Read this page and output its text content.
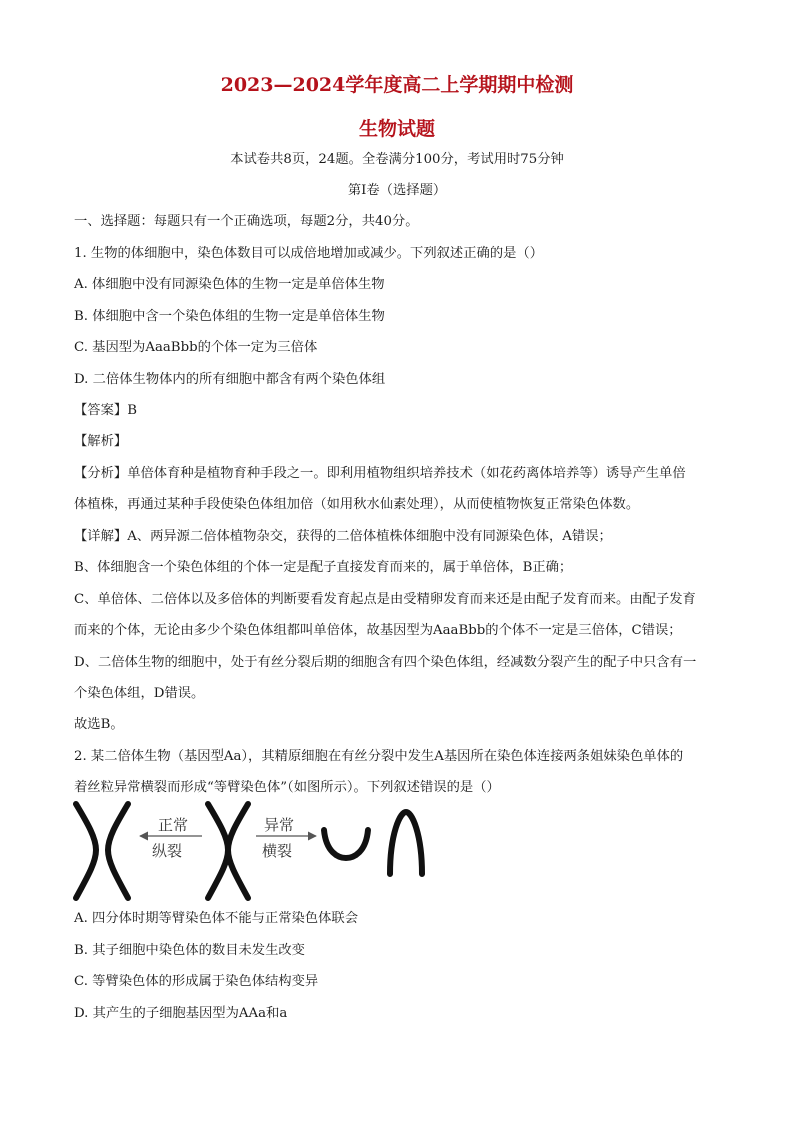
2023—2024学年度高二上学期期中检测
生物试题
本试卷共8页，24题。全卷满分100分，考试用时75分钟
第Ⅰ卷（选择题）
一、选择题：每题只有一个正确选项，每题2分，共40分。
1. 生物的体细胞中，染色体数目可以成倍地增加或减少。下列叙述正确的是（）
A. 体细胞中没有同源染色体的生物一定是单倍体生物
B. 体细胞中含一个染色体组的生物一定是单倍体生物
C. 基因型为AaaBbb的个体一定为三倍体
D. 二倍体生物体内的所有细胞中都含有两个染色体组
【答案】B
【解析】
【分析】单倍体育种是植物育种手段之一。即利用植物组织培养技术（如花药离体培养等）诱导产生单倍
体植株，再通过某种手段使染色体组加倍（如用秋水仙素处理），从而使植物恢复正常染色体数。
【详解】A、两异源二倍体植物杂交，获得的二倍体植株体细胞中没有同源染色体，A错误；
B、体细胞含一个染色体组的个体一定是配子直接发育而来的，属于单倍体，B正确；
C、单倍体、二倍体以及多倍体的判断要看发育起点是由受精卵发育而来还是由配子发育而来。由配子发育
而来的个体，无论由多少个染色体组都叫单倍体，故基因型为AaaBbb的个体不一定是三倍体，C错误；
D、二倍体生物的细胞中，处于有丝分裂后期的细胞含有四个染色体组，经减数分裂产生的配子中只含有一
个染色体组，D错误。
故选B。
2. 某二倍体生物（基因型Aa），其精原细胞在有丝分裂中发生A基因所在染色体连接两条姐妹染色单体的
着丝粒异常横裂而形成“等臂染色体”（如图所示）。下列叙述错误的是（）
正常
纵裂
异常
横裂
A. 四分体时期等臂染色体不能与正常染色体联会
B. 其子细胞中染色体的数目未发生改变
C. 等臂染色体的形成属于染色体结构变异
D. 其产生的子细胞基因型为AAa和a
